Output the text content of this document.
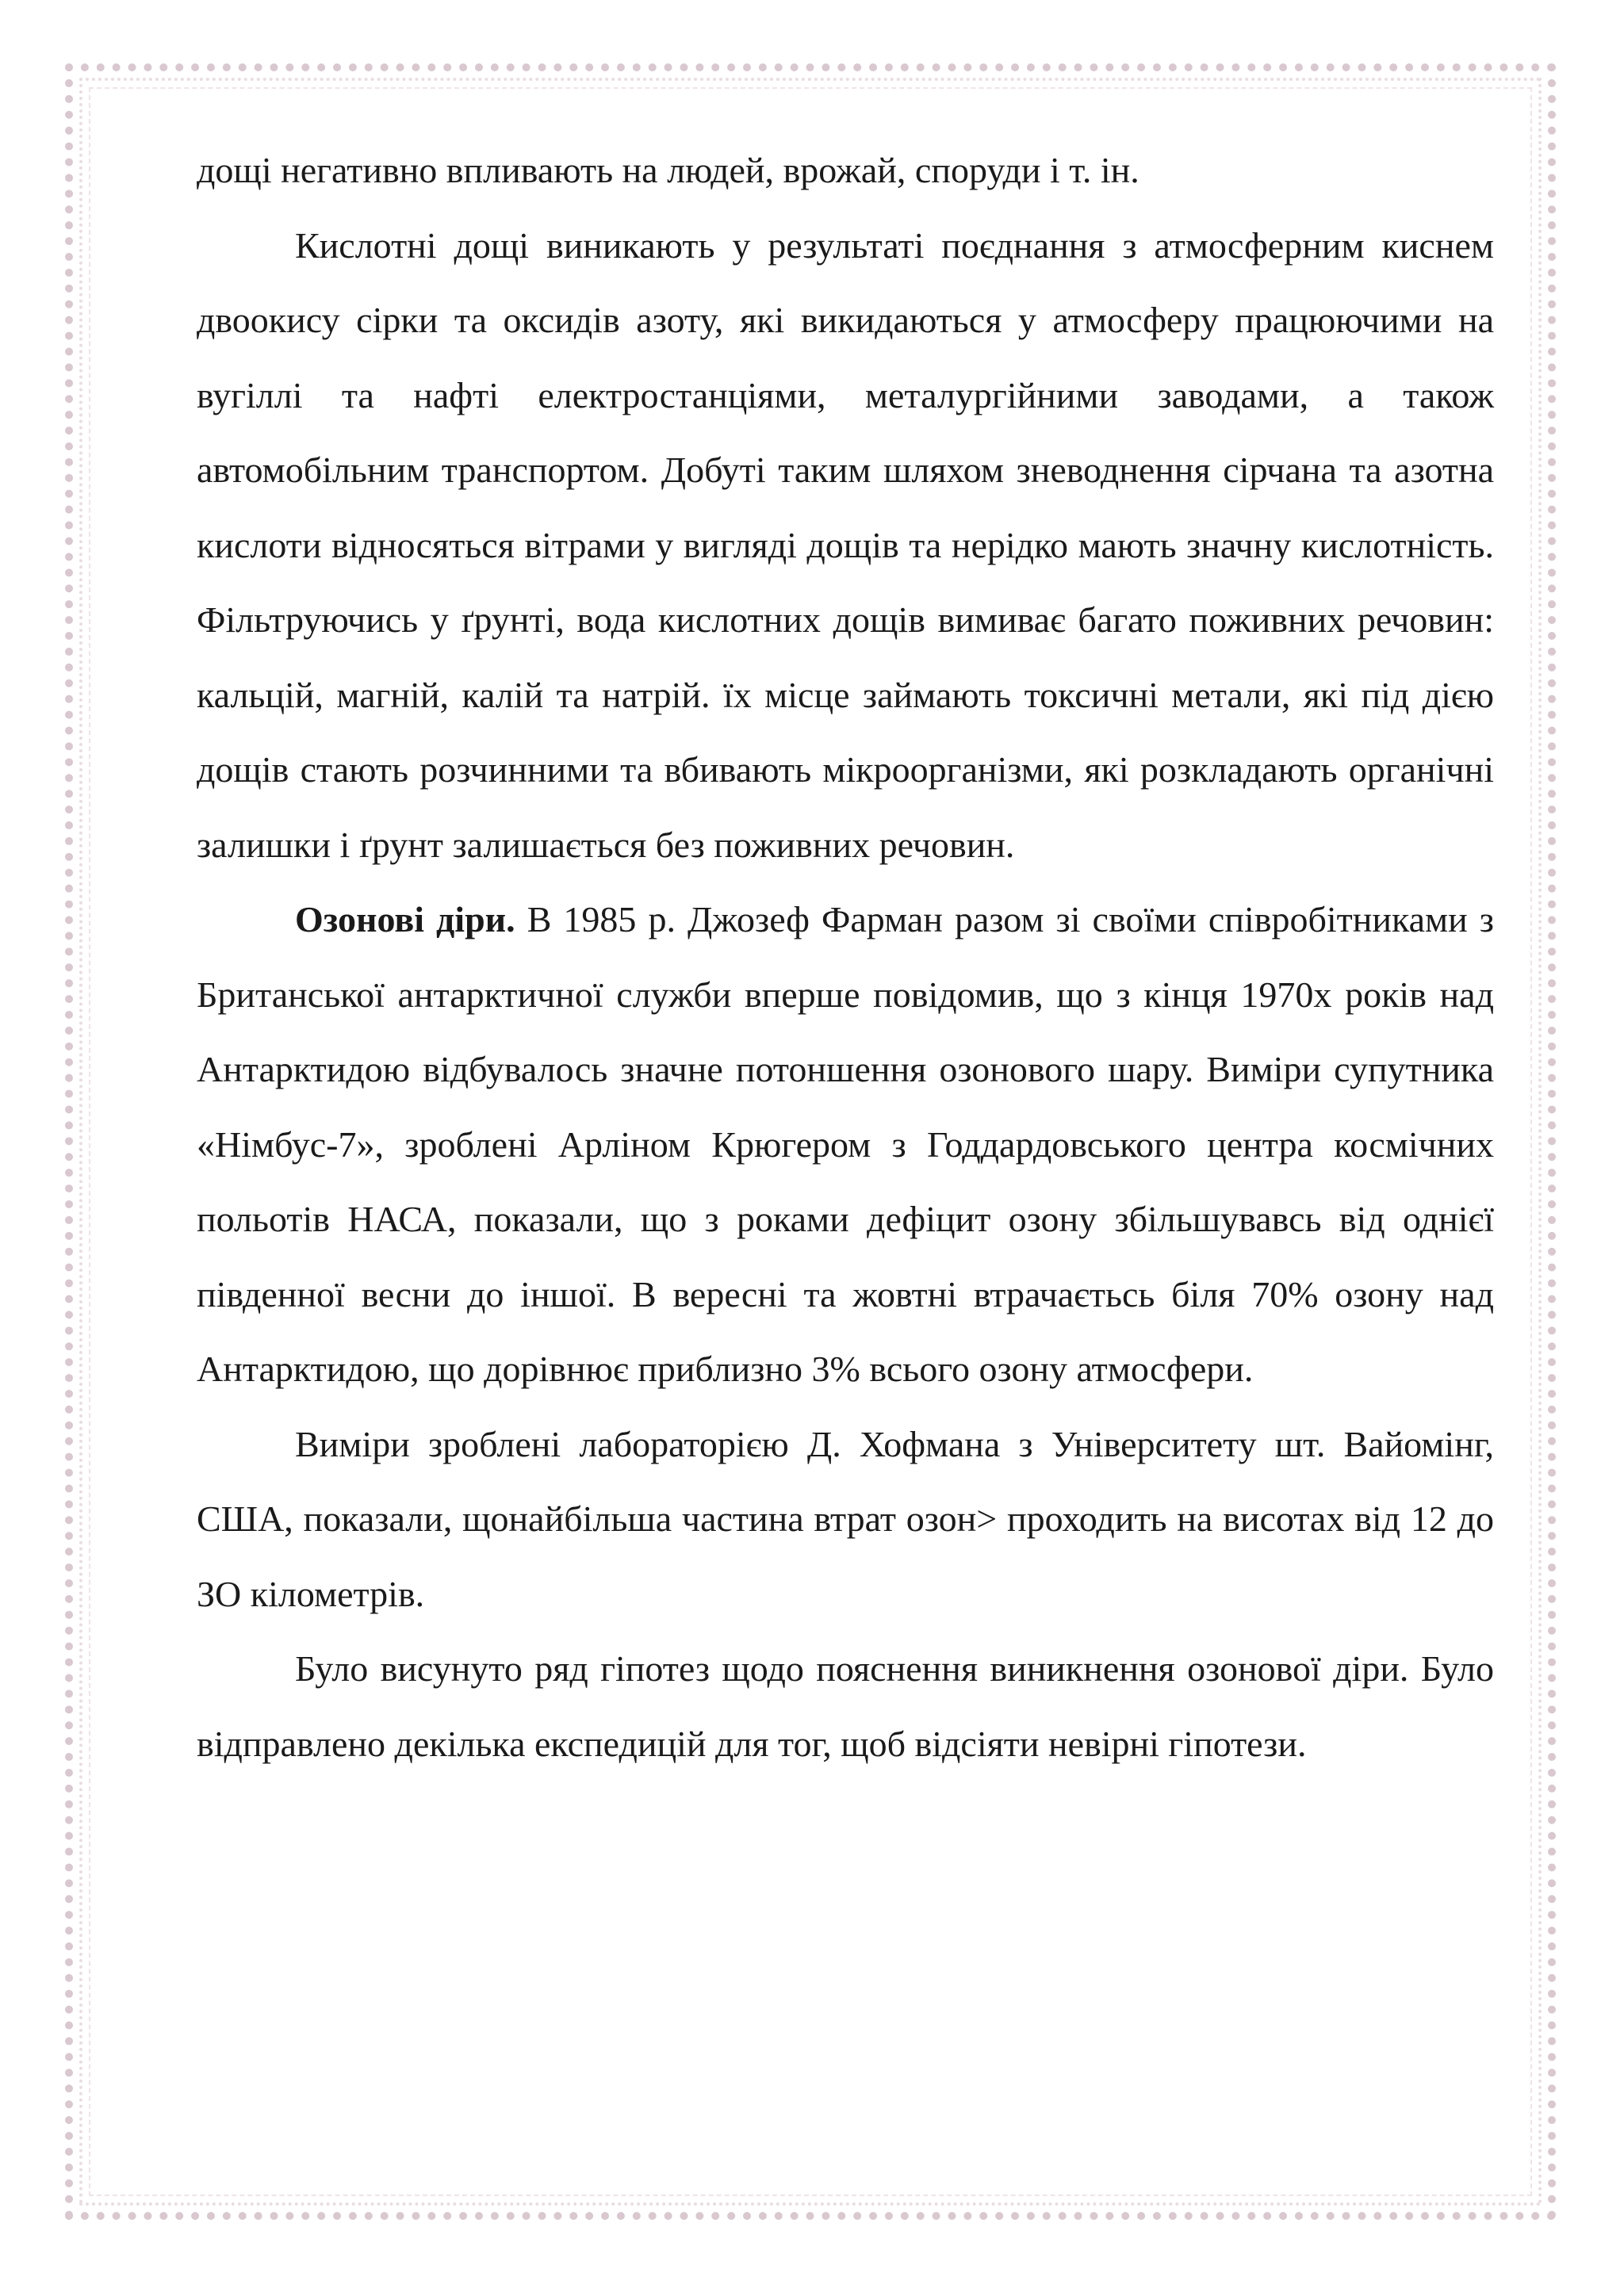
дощі негативно впливають на людей, врожай, споруди і т. ін.

Кислотні дощі виникають у результаті поєднання з атмосферним киснем двоокису сірки та оксидів азоту, які викидаються у атмосферу працюючими на вугіллі та нафті електростанціями, металургійними заводами, а також автомобільним транспортом. Добуті таким шляхом зневоднення сірчана та азотна кислоти відносяться вітрами у вигляді дощів та нерідко мають значну кислотність. Фільтруючись у ґрунті, вода кислотних дощів вимиває багато поживних речовин: кальцій, магній, калій та натрій. їх місце займають токсичні метали, які під дією дощів стають розчинними та вбивають мікроорганізми, які розкладають органічні залишки і ґрунт залишається без поживних речовин.

Озонові діри. В 1985 р. Джозеф Фарман разом зі своїми співробітниками з Британської антарктичної служби вперше повідомив, що з кінця 1970х років над Антарктидою відбувалось значне потоншення озонового шару. Виміри супутника «Німбус-7», зроблені Арліном Крюгером з Годдардовського центра космічних польотів НАСА, показали, що з роками дефіцит озону збільшувавсь від однієї південної весни до іншої. В вересні та жовтні втрачаєтьсь біля 70% озону над Антарктидою, що дорівнює приблизно 3% всього озону атмосфери.

Виміри зроблені лабораторією Д. Хофмана з Університету шт. Вайомінг, США, показали, щонайбільша частина втрат озон> проходить на висотах від 12 до ЗО кілометрів.

Було висунуто ряд гіпотез щодо пояснення виникнення озонової діри. Було відправлено декілька експедицій для тог, щоб відсіяти невірні гіпотези.
